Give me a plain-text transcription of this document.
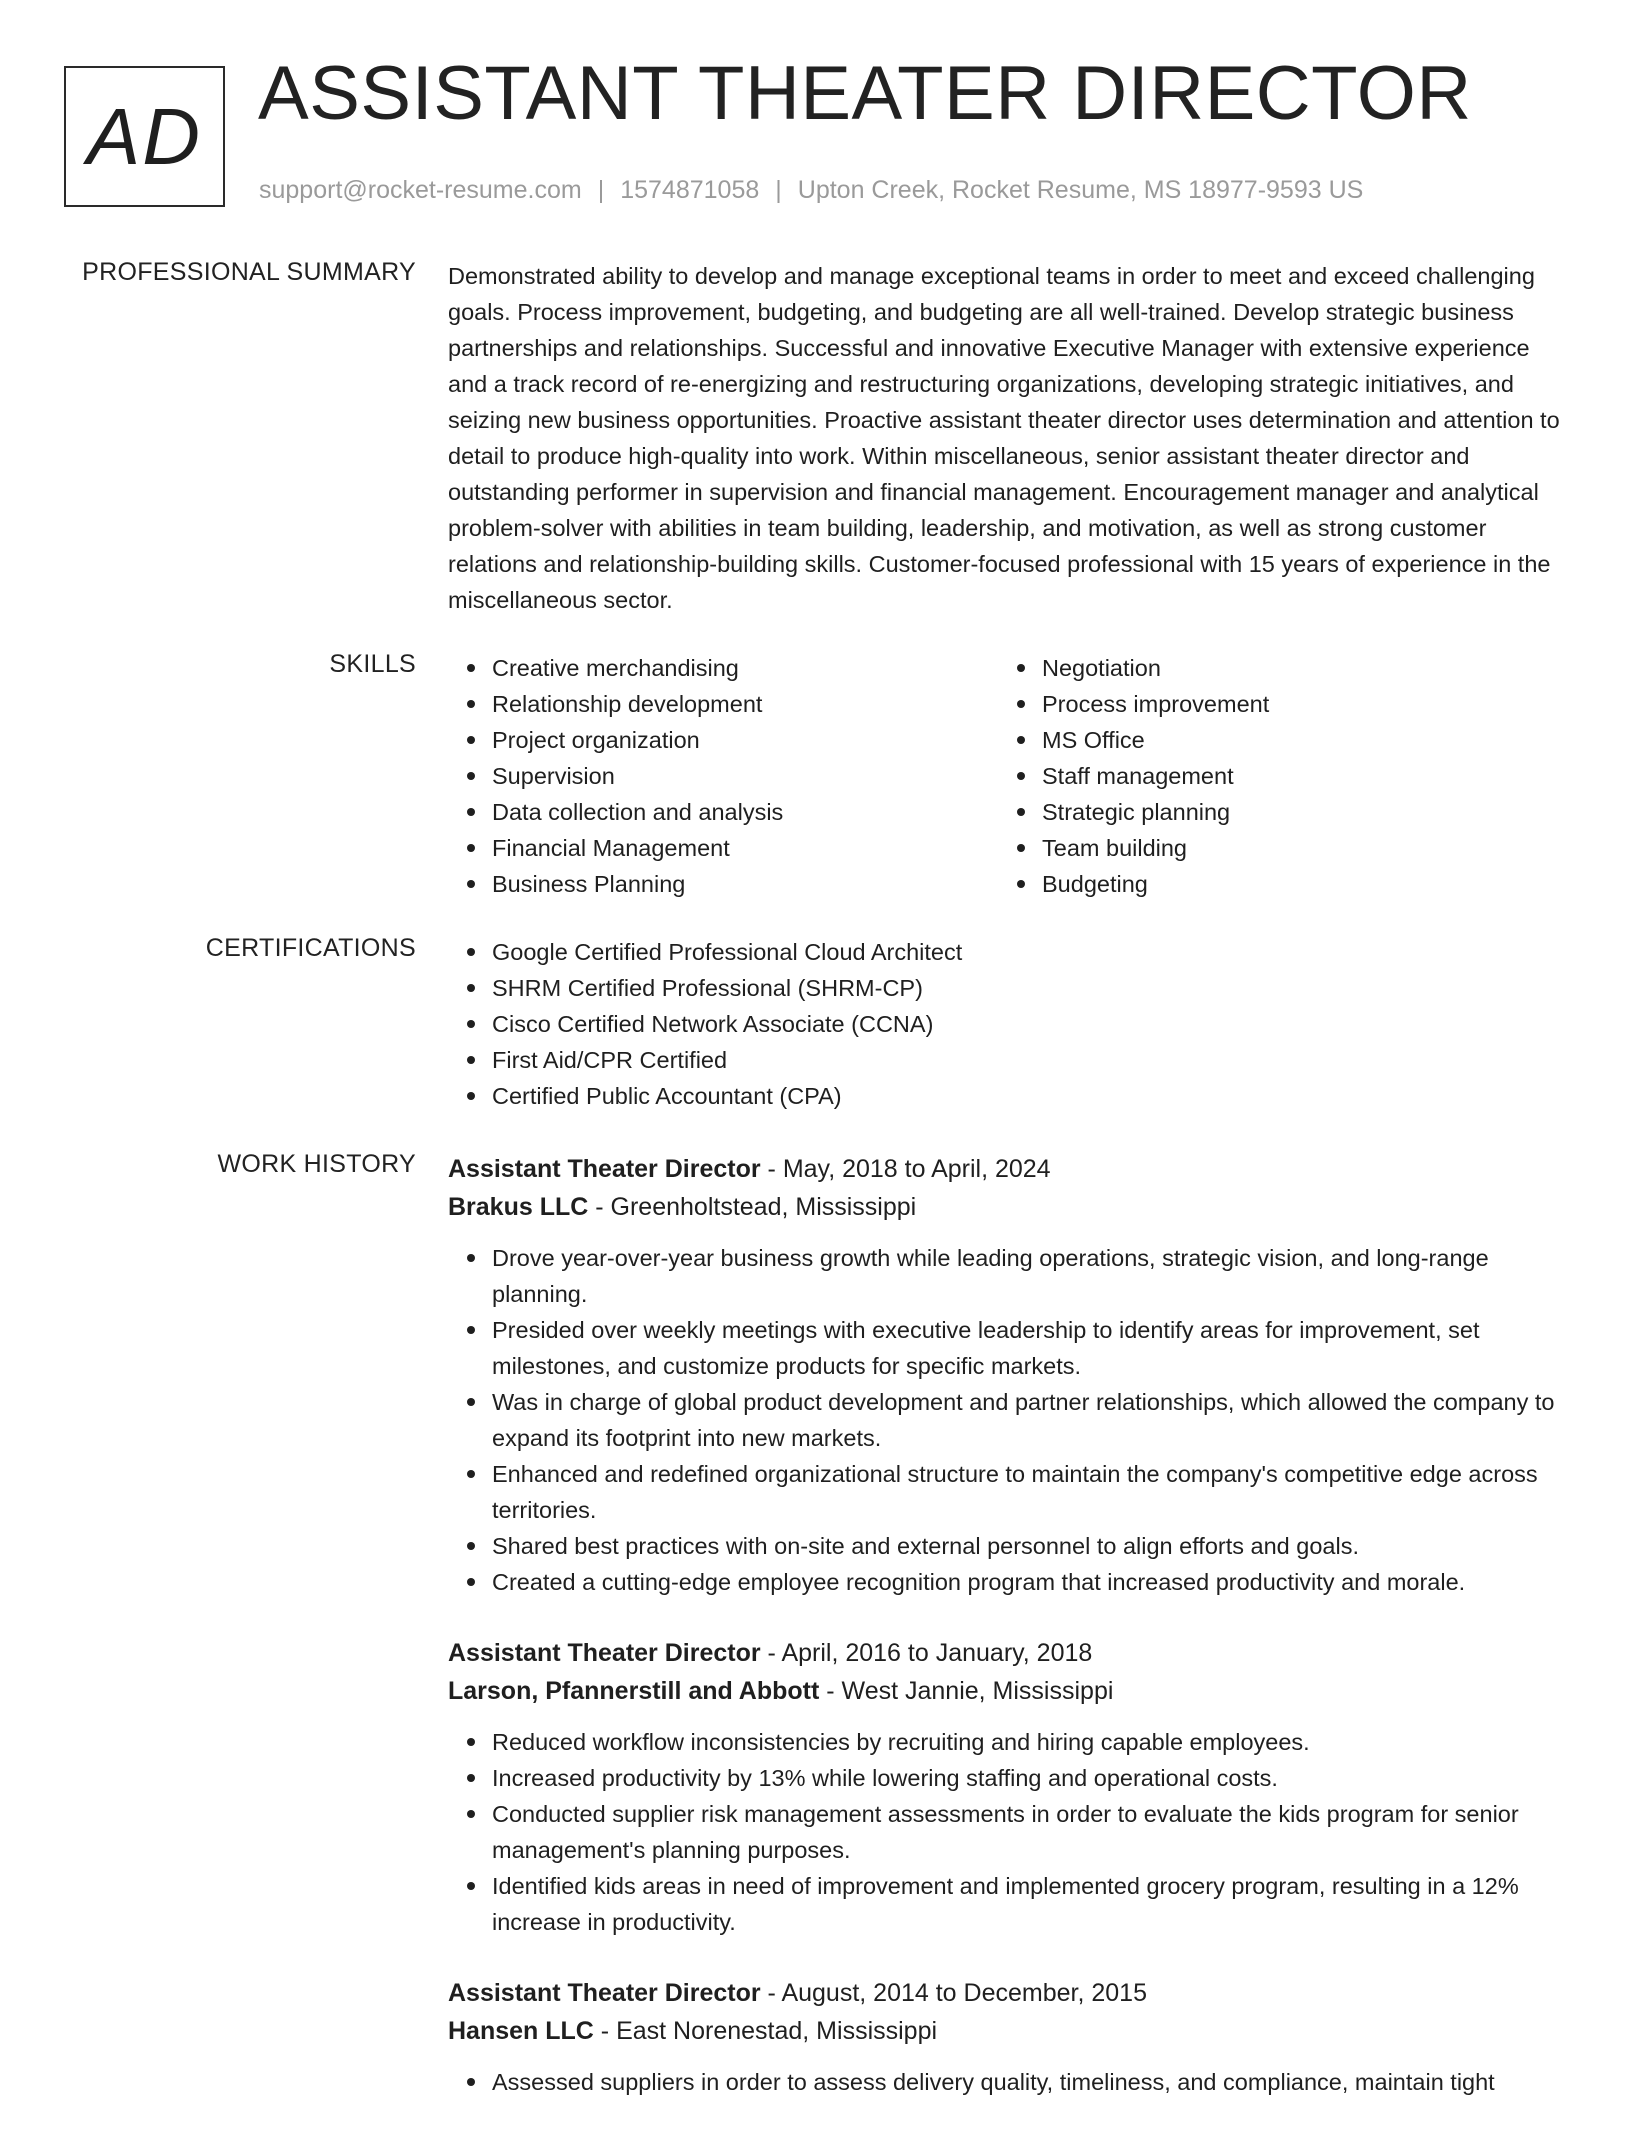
AD ASSISTANT THEATER DIRECTOR
support@rocket-resume.com | 1574871058 | Upton Creek, Rocket Resume, MS 18977-9593 US
PROFESSIONAL SUMMARY Demonstrated ability to develop and manage exceptional teams in order to meet and exceed challenging goals. Process improvement, budgeting, and budgeting are all well-trained. Develop strategic business partnerships and relationships. Successful and innovative Executive Manager with extensive experience and a track record of re-energizing and restructuring organizations, developing strategic initiatives, and seizing new business opportunities. Proactive assistant theater director uses determination and attention to detail to produce high-quality into work. Within miscellaneous, senior assistant theater director and outstanding performer in supervision and financial management. Encouragement manager and analytical problem-solver with abilities in team building, leadership, and motivation, as well as strong customer relations and relationship-building skills. Customer-focused professional with 15 years of experience in the miscellaneous sector.

SKILLS	Creative merchandising
Relationship development
Project organization
Supervision
Data collection and analysis
Financial Management
Business Planning
Negotiation
Process improvement
MS Office
Staff management
Strategic planning
Team building
Budgeting
CERTIFICATIONS	Google Certified Professional Cloud Architect
SHRM Certified Professional (SHRM-CP)
Cisco Certified Network Associate (CCNA)
First Aid/CPR Certified
Certified Public Accountant (CPA)
WORK HISTORY Assistant Theater Director - May, 2018 to April, 2024
Brakus LLC - Greenholtstead, Mississippi
Drove year-over-year business growth while leading operations, strategic vision, and long-range planning.
Presided over weekly meetings with executive leadership to identify areas for improvement, set milestones, and customize products for specific markets.
Was in charge of global product development and partner relationships, which allowed the company to expand its footprint into new markets.
Enhanced and redefined organizational structure to maintain the company's competitive edge across territories.
Shared best practices with on-site and external personnel to align efforts and goals.
Created a cutting-edge employee recognition program that increased productivity and morale.
Assistant Theater Director - April, 2016 to January, 2018
Larson, Pfannerstill and Abbott - West Jannie, Mississippi
Reduced workflow inconsistencies by recruiting and hiring capable employees.
Increased productivity by 13% while lowering staffing and operational costs.
Conducted supplier risk management assessments in order to evaluate the kids program for senior management's planning purposes.
Identified kids areas in need of improvement and implemented grocery program, resulting in a 12% increase in productivity.
Assistant Theater Director - August, 2014 to December, 2015
Hansen LLC - East Norenestad, Mississippi
Assessed suppliers in order to assess delivery quality, timeliness, and compliance, maintain tight
